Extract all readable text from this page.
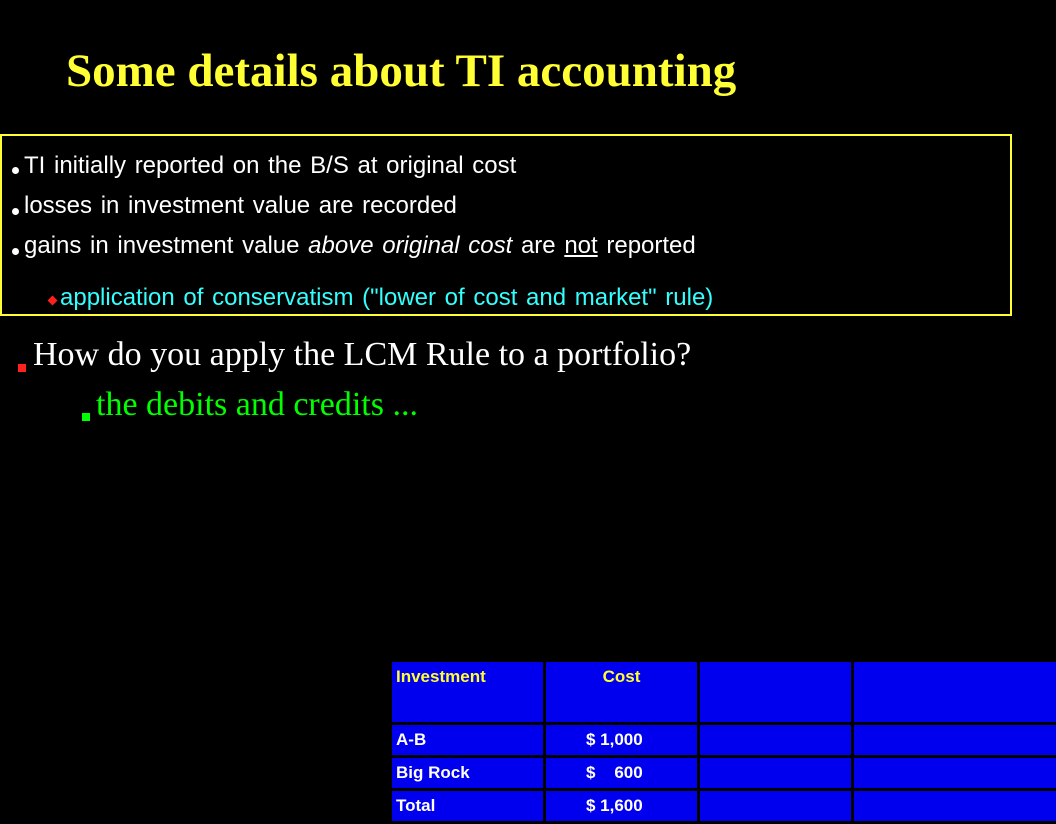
Some details about TI accounting
TI initially reported on the B/S at original cost
losses in investment value are recorded
gains in investment value above original cost are not reported
application of conservatism ("lower of cost and market" rule)
How do you apply the LCM Rule to a portfolio?
the debits and credits ...
Investment	Cost		
A-B	$ 1,000		
Big Rock	$    600		
Total	$ 1,600		
